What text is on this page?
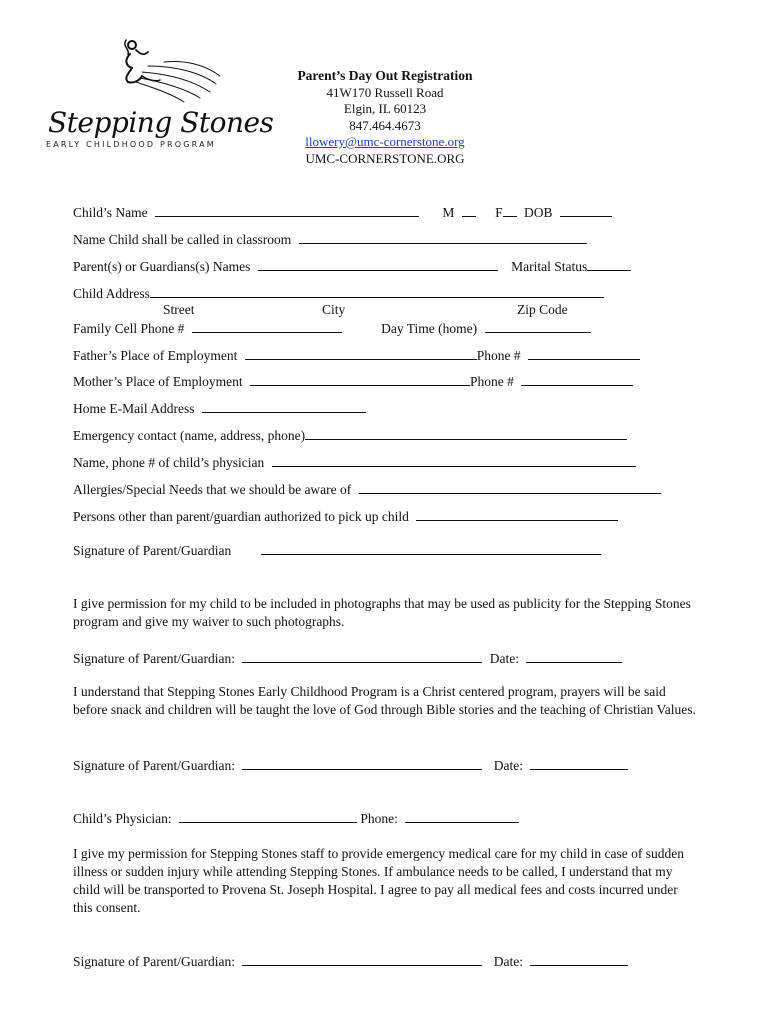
Stepping Stones
EARLY CHILDHOOD PROGRAM
Parent’s Day Out Registration
41W170 Russell Road
Elgin, IL 60123
847.464.4673
llowery@umc-cornerstone.org
UMC-CORNERSTONE.ORG
Child’s Name	M	F DOB
Name Child shall be called in classroom
Parent(s) or Guardians(s) Names	Marital Status
Child Address
Street	City	Zip Code
Family Cell Phone #	Day Time (home)
Father’s Place of Employment	Phone #
Mother’s Place of Employment	Phone #
Home E-Mail Address
Emergency contact (name, address, phone)
Name, phone # of child’s physician
Allergies/Special Needs that we should be aware of
Persons other than parent/guardian authorized to pick up child
Signature of Parent/Guardian
I give permission for my child to be included in photographs that may be used as publicity for the Stepping Stones program and give my waiver to such photographs.
Signature of Parent/Guardian:	Date:
I understand that Stepping Stones Early Childhood Program is a Christ centered program, prayers will be said before snack and children will be taught the love of God through Bible stories and the teaching of Christian Values.
Signature of Parent/Guardian:	Date:
Child’s Physician:	Phone:
I give my permission for Stepping Stones staff to provide emergency medical care for my child in case of sudden illness or sudden injury while attending Stepping Stones. If ambulance needs to be called, I understand that my child will be transported to Provena St. Joseph Hospital. I agree to pay all medical fees and costs incurred under this consent.
Signature of Parent/Guardian:	Date:
